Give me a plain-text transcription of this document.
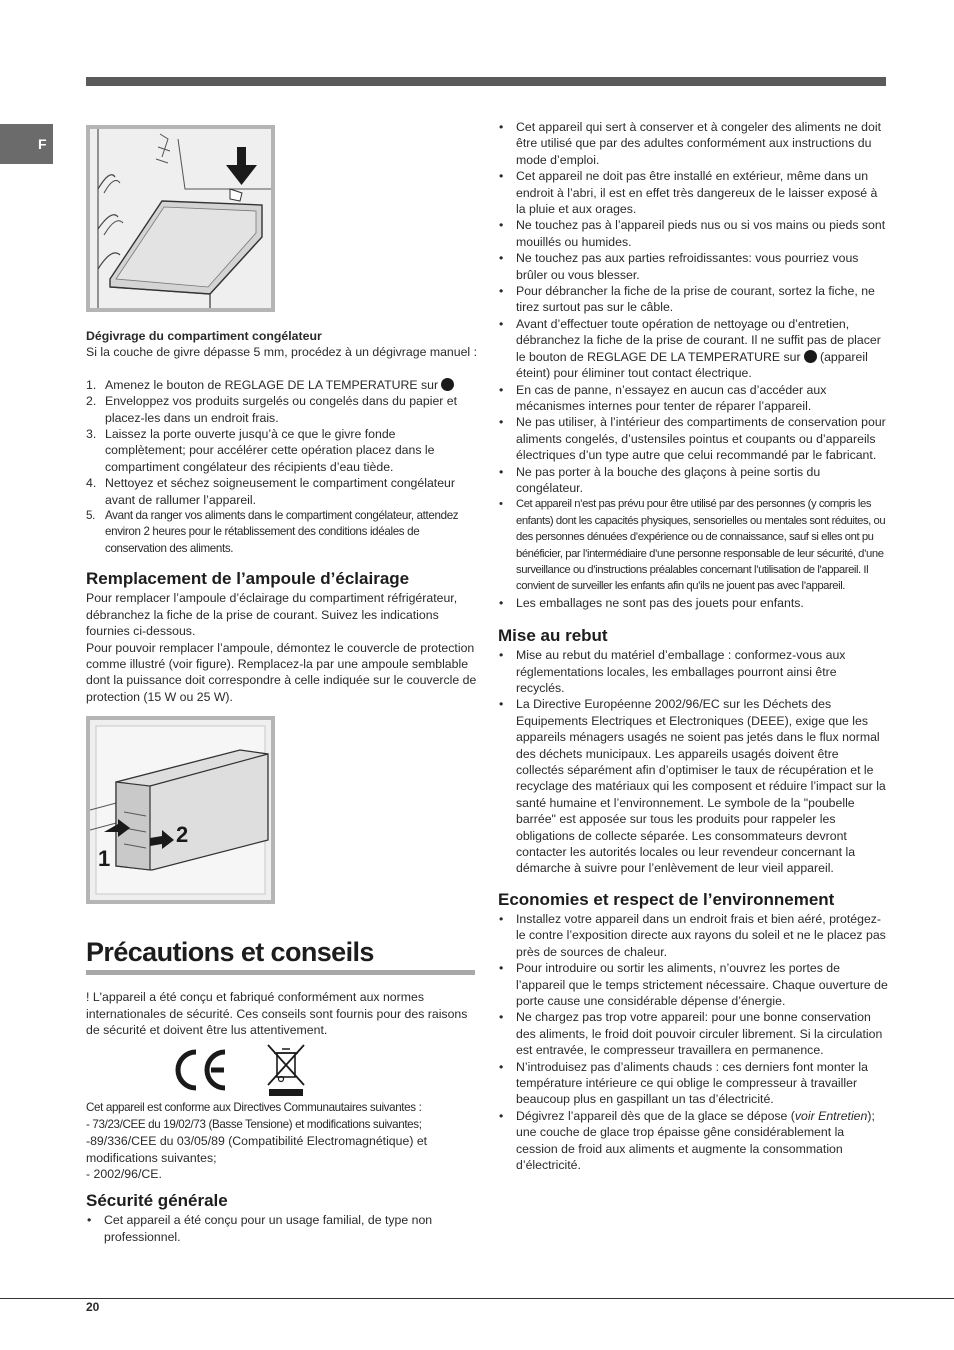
F

Dégivrage du compartiment congélateur

Si la couche de givre dépasse 5 mm, procédez à un dégivrage manuel :

1. Amenez le bouton de REGLAGE DE LA TEMPERATURE sur
2. Enveloppez vos produits surgelés ou congelés dans du papier et placez-les dans un endroit frais.
3. Laissez la porte ouverte jusqu’à ce que le givre fonde complètement; pour accélérer cette opération placez dans le compartiment congélateur des récipients d’eau tiède.
4. Nettoyez et séchez soigneusement le compartiment congélateur avant de rallumer l’appareil.
5. Avant da ranger vos aliments dans le compartiment congélateur, attendez environ 2 heures pour le rétablissement des conditions idéales de conservation des aliments.
Remplacement de l’ampoule d’éclairage

Pour remplacer l’ampoule d’éclairage du compartiment réfrigérateur, débranchez la fiche de la prise de courant. Suivez les indications fournies ci-dessous.

Pour pouvoir remplacer l’ampoule, démontez le couvercle de protection comme illustré (voir figure). Remplacez-la par une ampoule semblable dont la puissance doit correspondre à celle indiquée sur le couvercle de protection (15 W ou 25 W).

1
2
Précautions et conseils

! L'appareil a été conçu et fabriqué conformément aux normes internationales de sécurité. Ces conseils sont fournis pour des raisons de sécurité et doivent être lus attentivement.

Cet appareil est conforme aux Directives Communautaires suivantes :

- 73/23/CEE du 19/02/73 (Basse Tensione) et modifications suivantes;

-89/336/CEE du 03/05/89 (Compatibilité Electromagnétique) et modifications suivantes;

- 2002/96/CE.

Sécurité générale
• Cet appareil a été conçu pour un usage familial, de type non professionnel.
• Cet appareil qui sert à conserver et à congeler des aliments ne doit être utilisé que par des adultes conformément aux instructions du mode d’emploi.
• Cet appareil ne doit pas être installé en extérieur, même dans un endroit à l’abri, il est en effet très dangereux de le laisser exposé à la pluie et aux orages.
• Ne touchez pas à l’appareil pieds nus ou si vos mains ou pieds sont mouillés ou humides.
• Ne touchez pas aux parties refroidissantes: vous pourriez vous brûler ou vous blesser.
• Pour débrancher la fiche de la prise de courant, sortez la fiche, ne tirez surtout pas sur le câble.
• Avant d’effectuer toute opération de nettoyage ou d’entretien, débranchez la fiche de la prise de courant. Il ne suffit pas de placer le bouton de REGLAGE DE LA TEMPERATURE sur (appareil éteint) pour éliminer tout contact électrique.
• En cas de panne, n’essayez en aucun cas d’accéder aux mécanismes internes pour tenter de réparer l’appareil.
• Ne pas utiliser, à l’intérieur des compartiments de conservation pour aliments congelés, d’ustensiles pointus et coupants ou d’appareils électriques d’un type autre que celui recommandé par le fabricant.
• Ne pas porter à la bouche des glaçons à peine sortis du congélateur.
• Cet appareil n’est pas prévu pour être utilisé par des personnes (y compris les enfants) dont les capacités physiques, sensorielles ou mentales sont réduites, ou des personnes dénuées d’expérience ou de connaissance, sauf si elles ont pu bénéficier, par l’intermédiaire d’une personne responsable de leur sécurité, d’une surveillance ou d’instructions préalables concernant l’utilisation de l’appareil. Il convient de surveiller les enfants afin qu’ils ne jouent pas avec l’appareil.
• Les emballages ne sont pas des jouets pour enfants.
Mise au rebut
• Mise au rebut du matériel d’emballage : conformez-vous aux réglementations locales, les emballages pourront ainsi être recyclés.
• La Directive Européenne 2002/96/EC sur les Déchets des Equipements Electriques et Electroniques (DEEE), exige que les appareils ménagers usagés ne soient pas jetés dans le flux normal des déchets municipaux. Les appareils usagés doivent être collectés séparément afin d’optimiser le taux de récupération et le recyclage des matériaux qui les composent et réduire l’impact sur la santé humaine et l’environnement. Le symbole de la "poubelle barrée" est apposée sur tous les produits pour rappeler les obligations de collecte séparée. Les consommateurs devront contacter les autorités locales ou leur revendeur concernant la démarche à suivre pour l’enlèvement de leur vieil appareil.
Economies et respect de l’environnement
• Installez votre appareil dans un endroit frais et bien aéré, protégez-le contre l’exposition directe aux rayons du soleil et ne le placez pas près de sources de chaleur.
• Pour introduire ou sortir les aliments, n’ouvrez les portes de l’appareil que le temps strictement nécessaire. Chaque ouverture de porte cause une considérable dépense d’énergie.
• Ne chargez pas trop votre appareil: pour une bonne conservation des aliments, le froid doit pouvoir circuler librement. Si la circulation est entravée, le compresseur travaillera en permanence.
• N’introduisez pas d’aliments chauds : ces derniers font monter la température intérieure ce qui oblige le compresseur à travailler beaucoup plus en gaspillant un tas d’électricité.
• Dégivrez l’appareil dès que de la glace se dépose (voir Entretien); une couche de glace trop épaisse gêne considérablement la cession de froid aux aliments et augmente la consommation d’électricité.
20
